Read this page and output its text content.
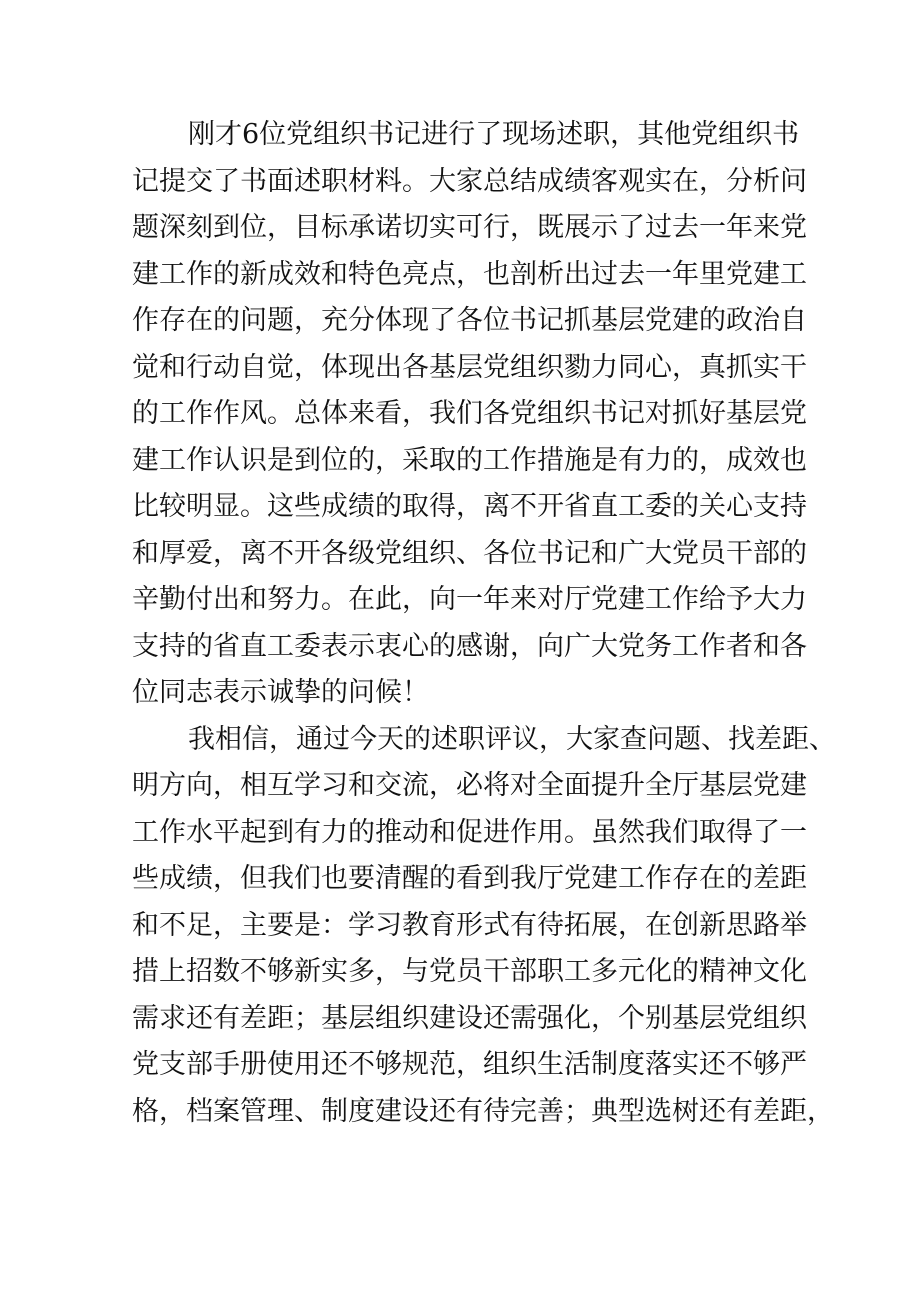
刚才6位党组织书记进行了现场述职，其他党组织书
记提交了书面述职材料。大家总结成绩客观实在，分析问
题深刻到位，目标承诺切实可行，既展示了过去一年来党
建工作的新成效和特色亮点，也剖析出过去一年里党建工
作存在的问题，充分体现了各位书记抓基层党建的政治自
觉和行动自觉，体现出各基层党组织勠力同心，真抓实干
的工作作风。总体来看，我们各党组织书记对抓好基层党
建工作认识是到位的，采取的工作措施是有力的，成效也
比较明显。这些成绩的取得，离不开省直工委的关心支持
和厚爱，离不开各级党组织、各位书记和广大党员干部的
辛勤付出和努力。在此，向一年来对厅党建工作给予大力
支持的省直工委表示衷心的感谢，向广大党务工作者和各
位同志表示诚挚的问候！
我相信，通过今天的述职评议，大家查问题、找差距、
明方向，相互学习和交流，必将对全面提升全厅基层党建
工作水平起到有力的推动和促进作用。虽然我们取得了一
些成绩，但我们也要清醒的看到我厅党建工作存在的差距
和不足，主要是：学习教育形式有待拓展，在创新思路举
措上招数不够新实多，与党员干部职工多元化的精神文化
需求还有差距；基层组织建设还需强化，个别基层党组织
党支部手册使用还不够规范，组织生活制度落实还不够严
格，档案管理、制度建设还有待完善；典型选树还有差距，
